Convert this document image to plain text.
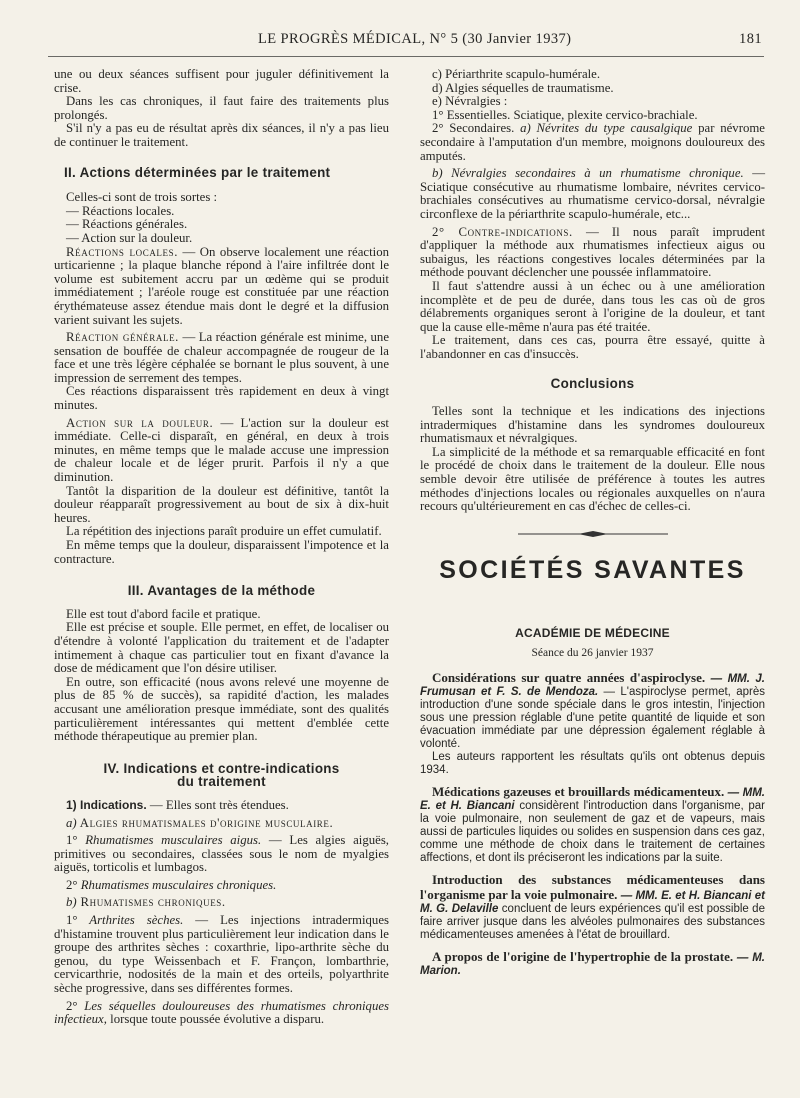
LE PROGRÈS MÉDICAL, N° 5 (30 Janvier 1937)	181

une ou deux séances suffisent pour juguler définitivement la crise.

Dans les cas chroniques, il faut faire des traitements plus prolongés.

S'il n'y a pas eu de résultat après dix séances, il n'y a pas lieu de continuer le traitement.

II. Actions déterminées par le traitement

Celles-ci sont de trois sortes :

— Réactions locales.

— Réactions générales.

— Action sur la douleur.

Réactions locales. — On observe localement une réaction urticarienne ; la plaque blanche répond à l'aire infiltrée dont le volume est subitement accru par un œdème qui se produit immédiatement ; l'aréole rouge est constituée par une réaction érythémateuse assez étendue mais dont le degré et la diffusion varient suivant les sujets.

Réaction générale. — La réaction générale est minime, une sensation de bouffée de chaleur accompagnée de rougeur de la face et une très légère céphalée se bornant le plus souvent, à une impression de serrement des tempes.

Ces réactions disparaissent très rapidement en deux à vingt minutes.

Action sur la douleur. — L'action sur la douleur est immédiate. Celle-ci disparaît, en général, en deux à trois minutes, en même temps que le malade accuse une impression de chaleur locale et de léger prurit. Parfois il n'y a que diminution.

Tantôt la disparition de la douleur est définitive, tantôt la douleur réapparaît progressivement au bout de six à dix-huit heures.

La répétition des injections paraît produire un effet cumulatif.

En même temps que la douleur, disparaissent l'impotence et la contracture.

III. Avantages de la méthode

Elle est tout d'abord facile et pratique.

Elle est précise et souple. Elle permet, en effet, de localiser ou d'étendre à volonté l'application du traitement et de l'adapter intimement à chaque cas particulier tout en fixant d'avance la dose de médicament que l'on désire utiliser.

En outre, son efficacité (nous avons relevé une moyenne de plus de 85 % de succès), sa rapidité d'action, les malades accusant une amélioration presque immédiate, sont des qualités particulièrement intéressantes qui mettent d'emblée cette méthode thérapeutique au premier plan.

IV. Indications et contre-indications
du traitement

1) Indications. — Elles sont très étendues.

a) Algies rhumatismales d'origine musculaire.

1° Rhumatismes musculaires aigus. — Les algies aiguës, primitives ou secondaires, classées sous le nom de myalgies aiguës, torticolis et lumbagos.

2° Rhumatismes musculaires chroniques.

b) Rhumatismes chroniques.

1° Arthrites sèches. — Les injections intradermiques d'histamine trouvent plus particulièrement leur indication dans le groupe des arthrites sèches : coxarthrie, lipo-arthrite sèche du genou, du type Weissenbach et F. Françon, lombarthrie, cervicarthrie, nodosités de la main et des orteils, polyarthrite sèche progressive, dans ses différentes formes.

2° Les séquelles douloureuses des rhumatismes chroniques infectieux, lorsque toute poussée évolutive a disparu.

c) Périarthrite scapulo-humérale.

d) Algies séquelles de traumatisme.

e) Névralgies :

1° Essentielles. Sciatique, plexite cervico-brachiale.

2° Secondaires. a) Névrites du type causalgique par névrome secondaire à l'amputation d'un membre, moignons douloureux des amputés.

b) Névralgies secondaires à un rhumatisme chronique. — Sciatique consécutive au rhumatisme lombaire, névrites cervico-brachiales consécutives au rhumatisme cervico-dorsal, névralgie circonflexe de la périarthrite scapulo-humérale, etc...

2° Contre-indications. — Il nous paraît imprudent d'appliquer la méthode aux rhumatismes infectieux aigus ou subaigus, les réactions congestives locales déterminées par la méthode pouvant déclencher une poussée inflammatoire.

Il faut s'attendre aussi à un échec ou à une amélioration incomplète et de peu de durée, dans tous les cas où de gros délabrements organiques seront à l'origine de la douleur, et tant que la cause elle-même n'aura pas été traitée.

Le traitement, dans ces cas, pourra être essayé, quitte à l'abandonner en cas d'insuccès.

Conclusions

Telles sont la technique et les indications des injections intradermiques d'histamine dans les syndromes douloureux rhumatismaux et névralgiques.

La simplicité de la méthode et sa remarquable efficacité en font le procédé de choix dans le traitement de la douleur. Elle nous semble devoir être utilisée de préférence à toutes les autres méthodes d'injections locales ou régionales auxquelles on n'aura recours qu'ultérieurement en cas d'échec de celles-ci.

SOCIÉTÉS SAVANTES
ACADÉMIE DE MÉDECINE
Séance du 26 janvier 1937

Considérations sur quatre années d'aspiroclyse. — MM. J. Frumusan et F. S. de Mendoza. — L'aspiroclyse permet, après introduction d'une sonde spéciale dans le gros intestin, l'injection sous une pression réglable d'une petite quantité de liquide et son évacuation immédiate par une dépression également réglable à volonté.

Les auteurs rapportent les résultats qu'ils ont obtenus depuis 1934.

Médications gazeuses et brouillards médicamenteux. — MM. E. et H. Biancani considèrent l'introduction dans l'organisme, par la voie pulmonaire, non seulement de gaz et de vapeurs, mais aussi de particules liquides ou solides en suspension dans ces gaz, comme une méthode de choix dans le traitement de certaines affections, et dont ils préciseront les indications par la suite.

Introduction des substances médicamenteuses dans l'organisme par la voie pulmonaire. — MM. E. et H. Biancani et M. G. Delaville concluent de leurs expériences qu'il est possible de faire arriver jusque dans les alvéoles pulmonaires des substances médicamenteuses amenées à l'état de brouillard.

A propos de l'origine de l'hypertrophie de la prostate. — M. Marion.
